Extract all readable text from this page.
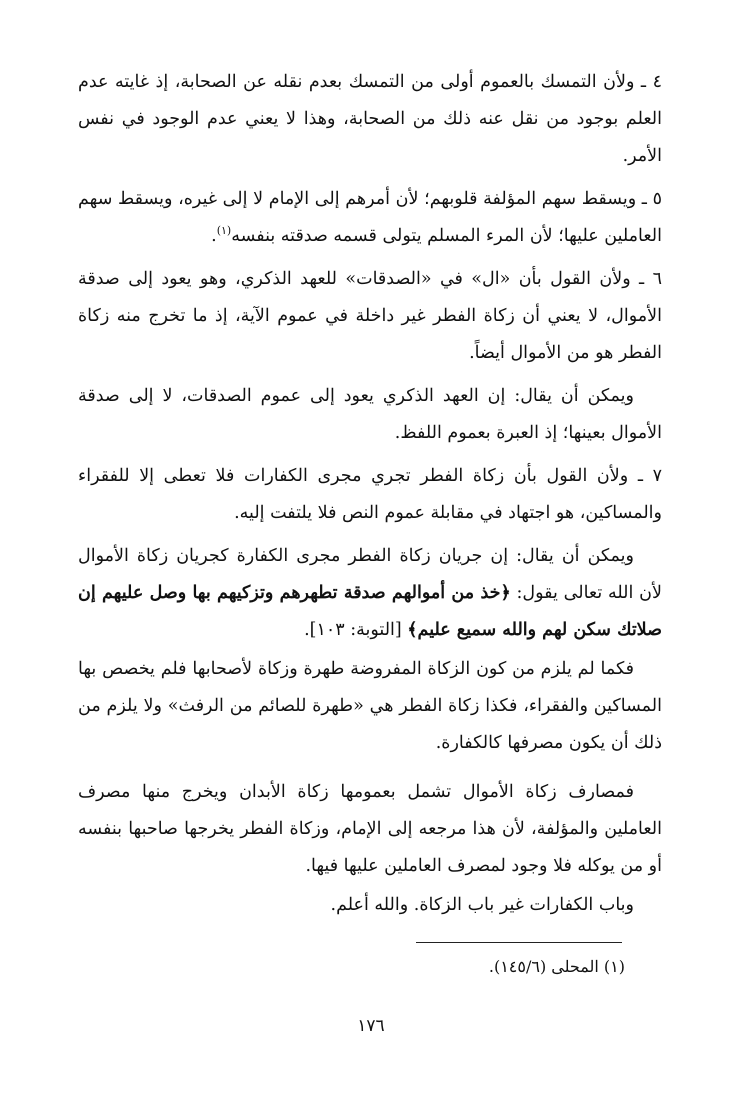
٤ ـ ولأن التمسك بالعموم أولى من التمسك بعدم نقله عن الصحابة، إذ غايته عدم العلم بوجود من نقل عنه ذلك من الصحابة، وهذا لا يعني عدم الوجود في نفس الأمر.

٥ ـ ويسقط سهم المؤلفة قلوبهم؛ لأن أمرهم إلى الإمام لا إلى غيره، ويسقط سهم العاملين عليها؛ لأن المرء المسلم يتولى قسمه صدقته بنفسه$^{(١)}$.

٦ ـ ولأن القول بأن «ال» في «الصدقات» للعهد الذكري، وهو يعود إلى صدقة الأموال، لا يعني أن زكاة الفطر غير داخلة في عموم الآية، إذ ما تخرج منه زكاة الفطر هو من الأموال أيضاً.

ويمكن أن يقال: إن العهد الذكري يعود إلى عموم الصدقات، لا إلى صدقة الأموال بعينها؛ إذ العبرة بعموم اللفظ.

٧ ـ ولأن القول بأن زكاة الفطر تجري مجرى الكفارات فلا تعطى إلا للفقراء والمساكين، هو اجتهاد في مقابلة عموم النص فلا يلتفت إليه.

ويمكن أن يقال: إن جريان زكاة الفطر مجرى الكفارة كجريان زكاة الأموال لأن الله تعالى يقول: ﴿خذ من أموالهم صدقة تطهرهم وتزكيهم بها وصل عليهم إن صلاتك سكن لهم والله سميع عليم﴾ [التوبة: ١٠٣].

فكما لم يلزم من كون الزكاة المفروضة طهرة وزكاة لأصحابها فلم يخصص بها المساكين والفقراء، فكذا زكاة الفطر هي «طهرة للصائم من الرفث» ولا يلزم من ذلك أن يكون مصرفها كالكفارة.

فمصارف زكاة الأموال تشمل بعمومها زكاة الأبدان ويخرج منها مصرف العاملين والمؤلفة، لأن هذا مرجعه إلى الإمام، وزكاة الفطر يخرجها صاحبها بنفسه أو من يوكله فلا وجود لمصرف العاملين عليها فيها.

وباب الكفارات غير باب الزكاة. والله أعلم.

(١) المحلى (١٤٥/٦).
١٧٦
